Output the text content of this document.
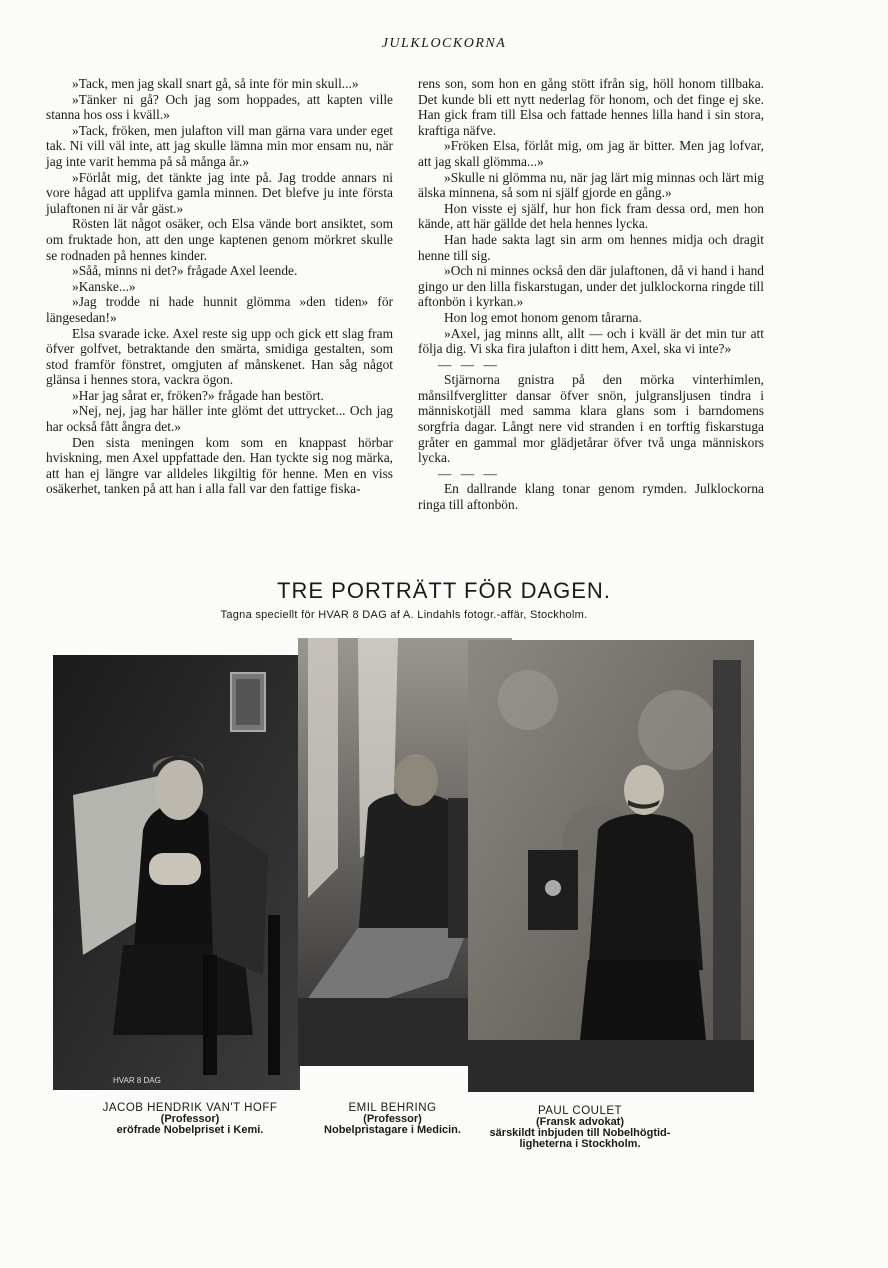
JULKLOCKORNA

»Tack, men jag skall snart gå, så inte för min skull...»

»Tänker ni gå? Och jag som hoppades, att kapten ville stanna hos oss i kväll.»

»Tack, fröken, men julafton vill man gärna vara under eget tak. Ni vill väl inte, att jag skulle lämna min mor ensam nu, när jag inte varit hemma på så många år.»

»Förlåt mig, det tänkte jag inte på. Jag trodde annars ni vore hågad att upplifva gamla minnen. Det blefve ju inte första julaftonen ni är vår gäst.»

Rösten lät något osäker, och Elsa vände bort ansiktet, som om fruktade hon, att den unge kaptenen genom mörkret skulle se rodnaden på hennes kinder.

»Såå, minns ni det?» frågade Axel leende.

»Kanske...»

»Jag trodde ni hade hunnit glömma »den tiden» för längesedan!»

Elsa svarade icke. Axel reste sig upp och gick ett slag fram öfver golfvet, betraktande den smärta, smidiga gestalten, som stod framför fönstret, omgjuten af månskenet. Han såg något glänsa i hennes stora, vackra ögon.

»Har jag sårat er, fröken?» frågade han bestört.

»Nej, nej, jag har häller inte glömt det uttrycket... Och jag har också fått ångra det.»

Den sista meningen kom som en knappast hörbar hviskning, men Axel uppfattade den. Han tyckte sig nog märka, att han ej längre var alldeles likgiltig för henne. Men en viss osäkerhet, tanken på att han i alla fall var den fattige fiska-

rens son, som hon en gång stött ifrån sig, höll honom tillbaka. Det kunde bli ett nytt nederlag för honom, och det finge ej ske. Han gick fram till Elsa och fattade hennes lilla hand i sin stora, kraftiga näfve.

»Fröken Elsa, förlåt mig, om jag är bitter. Men jag lofvar, att jag skall glömma...»

»Skulle ni glömma nu, när jag lärt mig minnas och lärt mig älska minnena, så som ni själf gjorde en gång.»

Hon visste ej själf, hur hon fick fram dessa ord, men hon kände, att här gällde det hela hennes lycka.

Han hade sakta lagt sin arm om hennes midja och dragit henne till sig.

»Och ni minnes också den där julaftonen, då vi hand i hand gingo ur den lilla fiskarstugan, under det julklockorna ringde till aftonbön i kyrkan.»

Hon log emot honom genom tårarna.

»Axel, jag minns allt, allt — och i kväll är det min tur att följa dig. Vi ska fira julafton i ditt hem, Axel, ska vi inte?»

— — —

Stjärnorna gnistra på den mörka vinterhimlen, månsilfverglitter dansar öfver snön, julgransljusen tindra i människotjäll med samma klara glans som i barndomens sorgfria dagar. Långt nere vid stranden i en torftig fiskarstuga gråter en gammal mor glädjetårar öfver två unga människors lycka.

— — —

En dallrande klang tonar genom rymden. Julklockorna ringa till aftonbön.

TRE PORTRÄTT FÖR DAGEN.
Tagna speciellt för HVAR 8 DAG af A. Lindahls fotogr.-affär, Stockholm.
HVAR 8 DAG
JACOB HENDRIK VAN'T HOFF
(Professor)
eröfrade Nobelpriset i Kemi.
EMIL BEHRING
(Professor)
Nobelpristagare i Medicin.
PAUL COULET
(Fransk advokat)
särskildt inbjuden till Nobelhögtid-
ligheterna i Stockholm.
